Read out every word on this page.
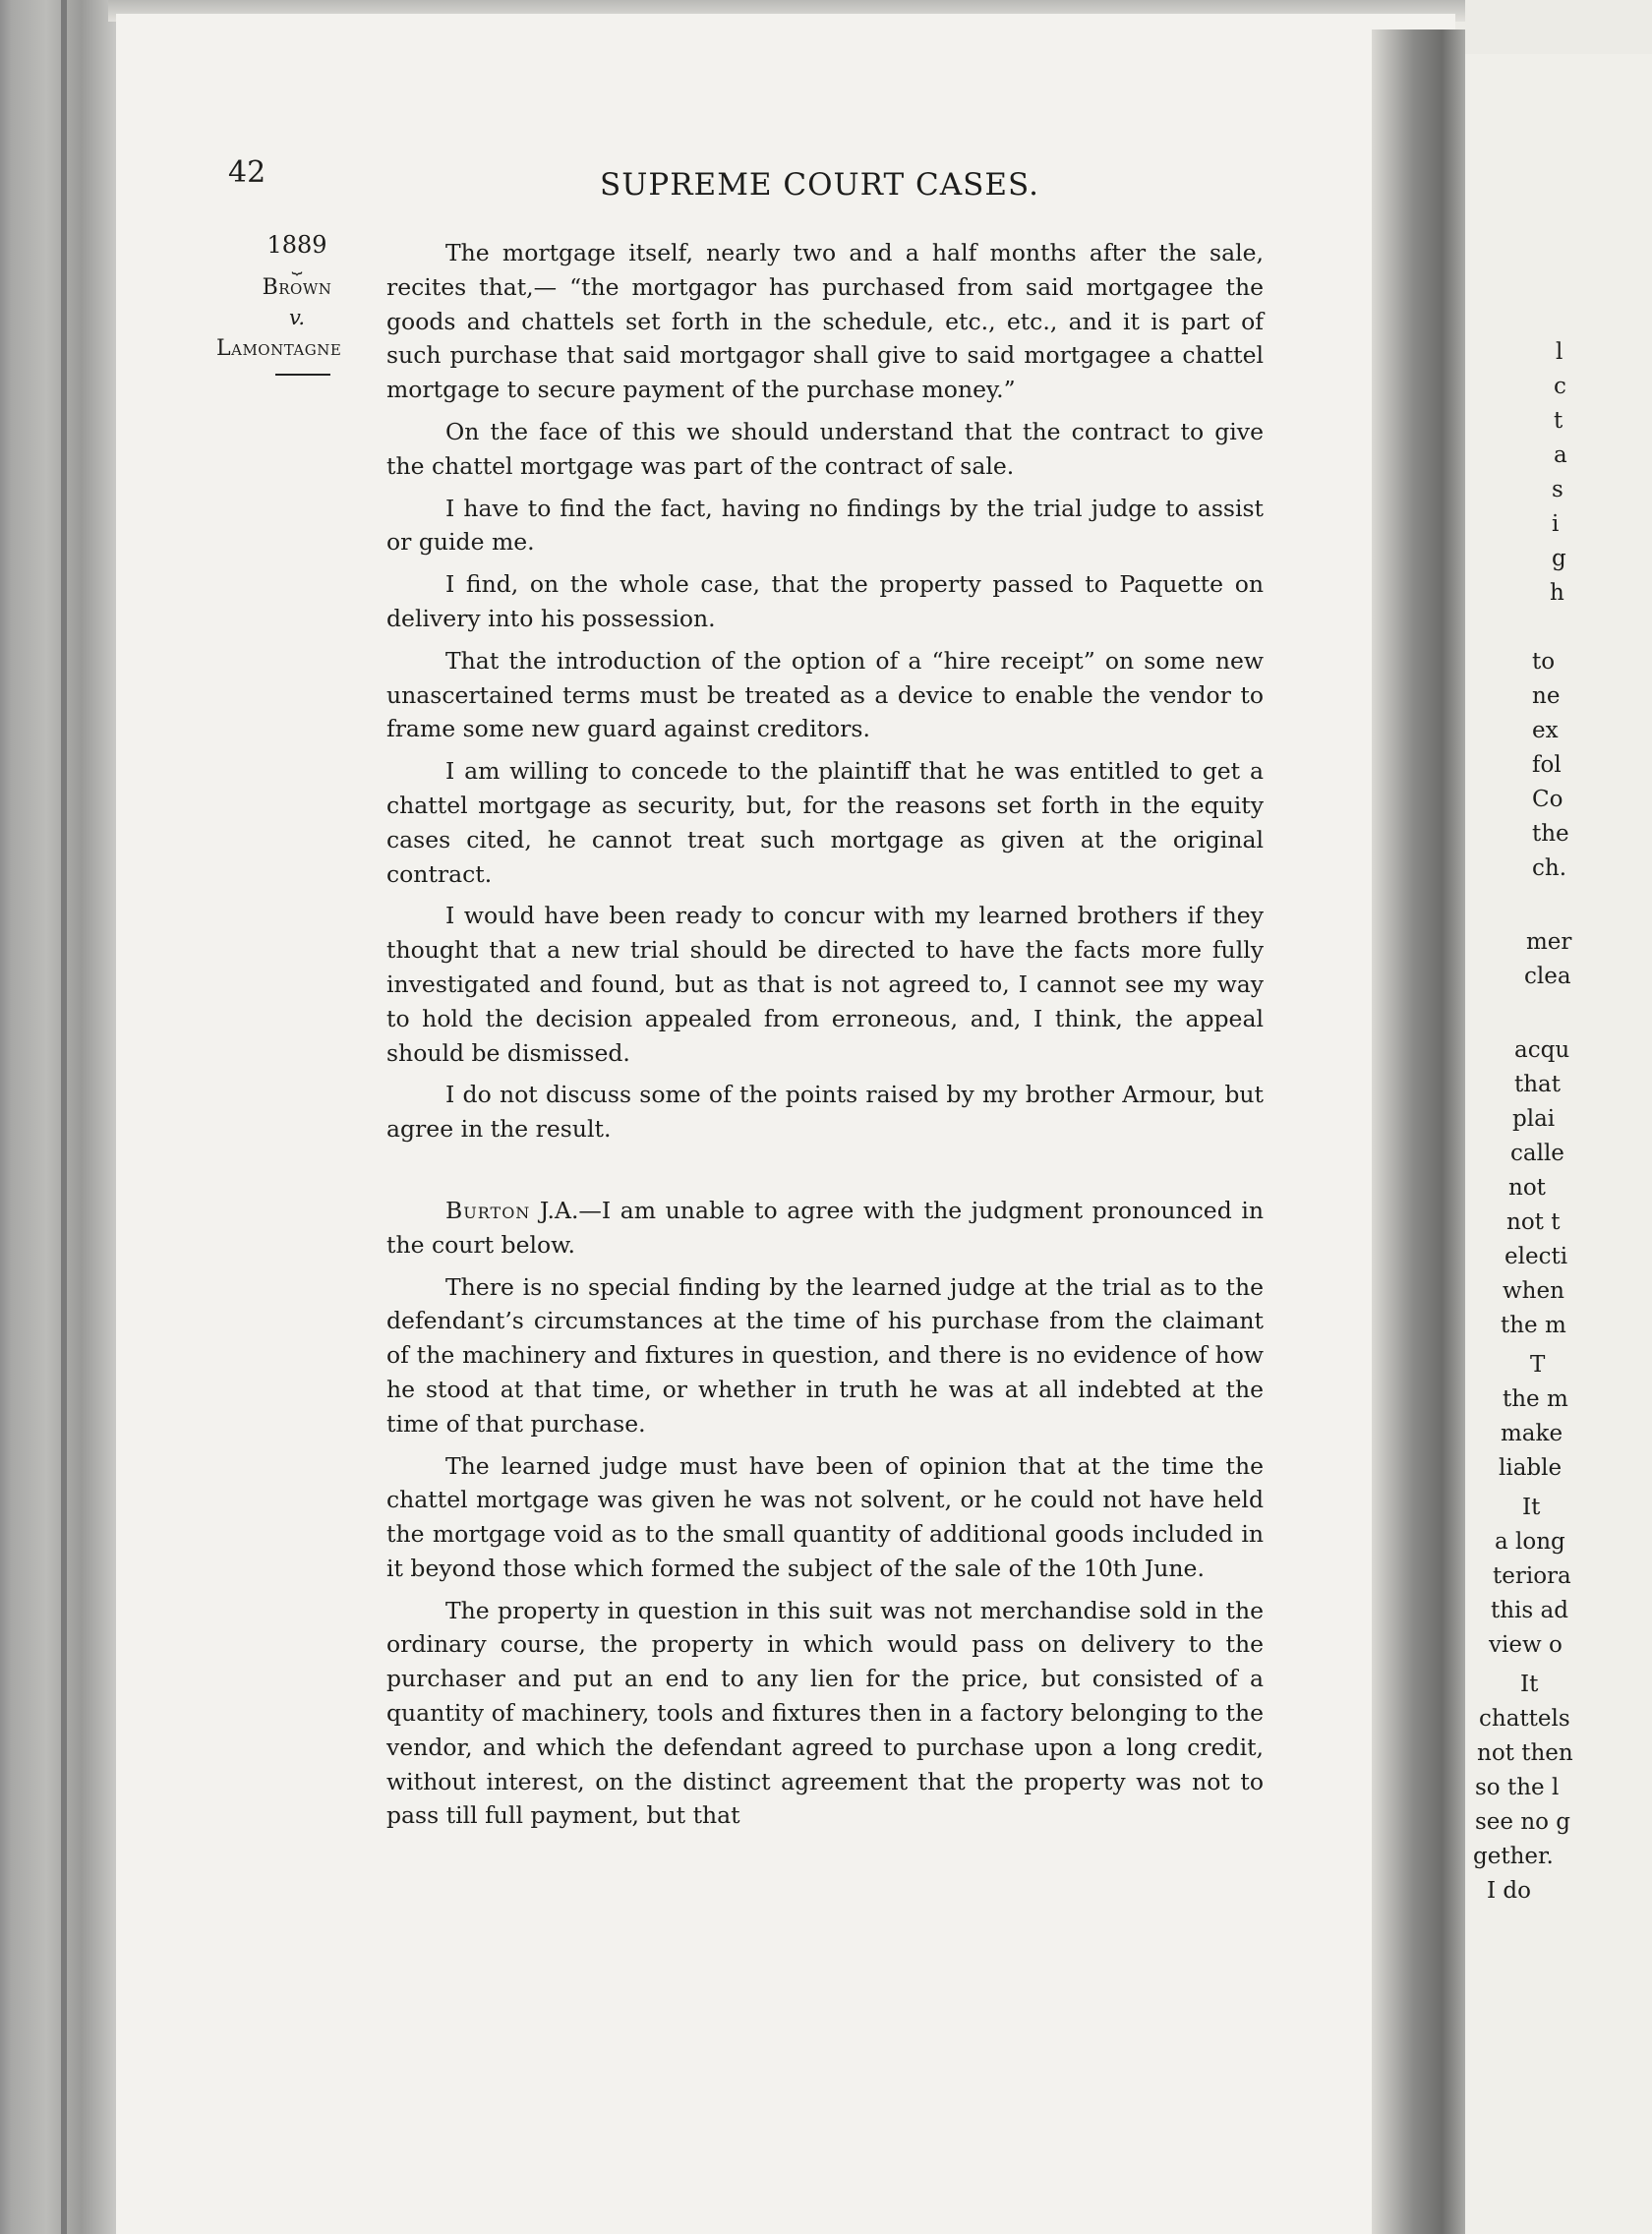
l
c
t
a
s
i
g
h
to
ne
ex
fol
Co
the
ch.
mer
clea
acqu
that
plai
calle
not
not t
electi
when
the m
T
the m
make
liable
It
a long
teriora
this ad
view o
It
chattels
not then
so the l
see no g
gether.
I do
42	SUPREME COURT CASES.
1889
⏟
Brown
v.
Lamontagne

The mortgage itself, nearly two and a half months after the sale, recites that,— “the mortgagor has purchased from said mortgagee the goods and chattels set forth in the schedule, etc., etc., and it is part of such purchase that said mortgagor shall give to said mortgagee a chattel mortgage to secure payment of the purchase money.”

On the face of this we should understand that the contract to give the chattel mortgage was part of the contract of sale.

I have to find the fact, having no findings by the trial judge to assist or guide me.

I find, on the whole case, that the property passed to Paquette on delivery into his possession.

That the introduction of the option of a “hire receipt” on some new unascertained terms must be treated as a device to enable the vendor to frame some new guard against creditors.

I am willing to concede to the plaintiff that he was entitled to get a chattel mortgage as security, but, for the reasons set forth in the equity cases cited, he cannot treat such mortgage as given at the original contract.

I would have been ready to concur with my learned brothers if they thought that a new trial should be directed to have the facts more fully investigated and found, but as that is not agreed to, I cannot see my way to hold the decision appealed from erroneous, and, I think, the appeal should be dismissed.

I do not discuss some of the points raised by my brother Armour, but agree in the result.

Burton J.A.—I am unable to agree with the judgment pronounced in the court below.

There is no special finding by the learned judge at the trial as to the defendant’s circumstances at the time of his purchase from the claimant of the machinery and fixtures in question, and there is no evidence of how he stood at that time, or whether in truth he was at all indebted at the time of that purchase.

The learned judge must have been of opinion that at the time the chattel mortgage was given he was not solvent, or he could not have held the mortgage void as to the small quantity of additional goods included in it beyond those which formed the subject of the sale of the 10th June.

The property in question in this suit was not merchandise sold in the ordinary course, the property in which would pass on delivery to the purchaser and put an end to any lien for the price, but consisted of a quantity of machinery, tools and fixtures then in a factory belonging to the vendor, and which the defendant agreed to purchase upon a long credit, without interest, on the distinct agreement that the property was not to pass till full payment, but that
